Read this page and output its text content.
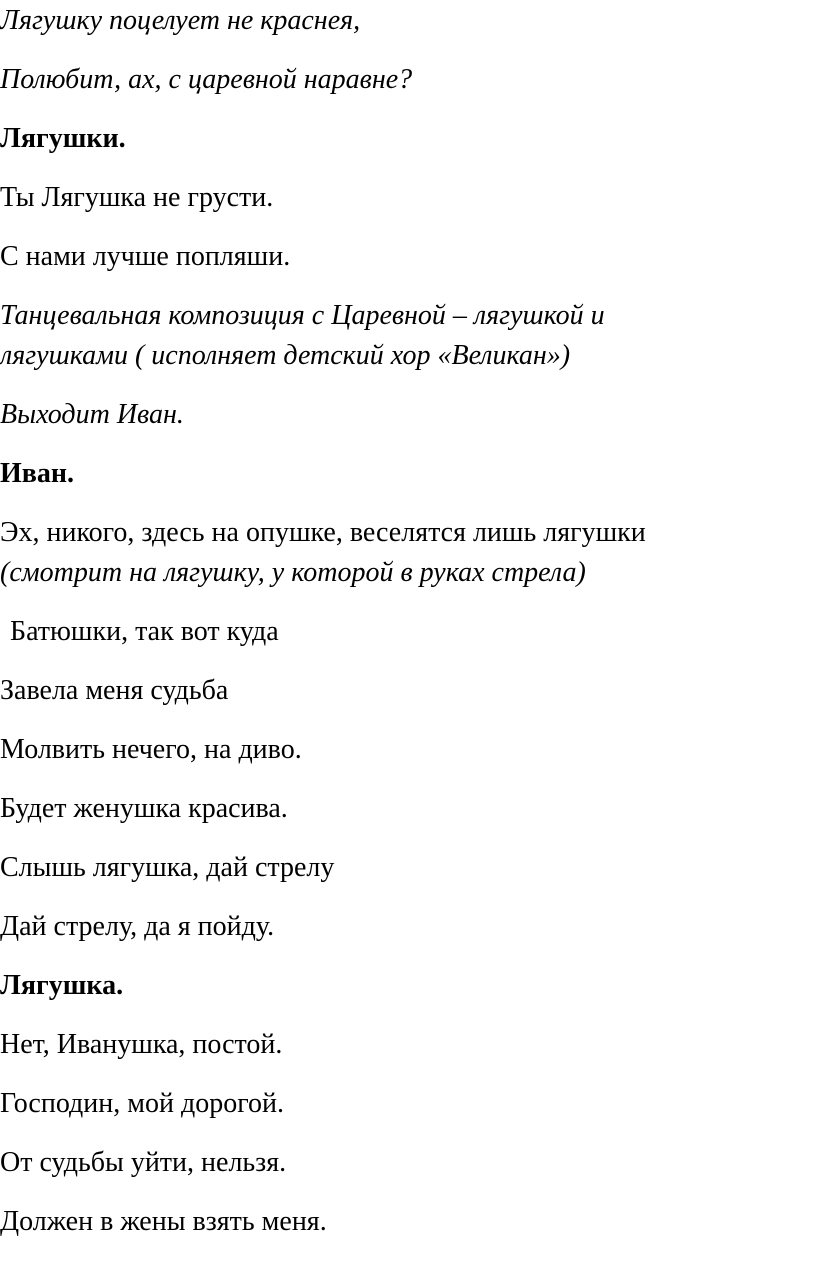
Лягушку поцелует не краснея,

Полюбит, ах, с царевной наравне?

Лягушки.

Ты Лягушка не грусти.

С нами лучше попляши.

Танцевальная композиция с Царевной – лягушкой и

лягушками ( исполняет детский хор «Великан»)

Выходит Иван.

Иван.

Эх, никого, здесь на опушке, веселятся лишь лягушки

(смотрит на лягушку, у которой в руках стрела)

Батюшки, так вот куда

Завела меня судьба

Молвить нечего, на диво.

Будет женушка красива.

Слышь лягушка, дай стрелу

Дай стрелу, да я пойду.

Лягушка.

Нет, Иванушка, постой.

Господин, мой дорогой.

От судьбы уйти, нельзя.

Должен в жены взять меня.
